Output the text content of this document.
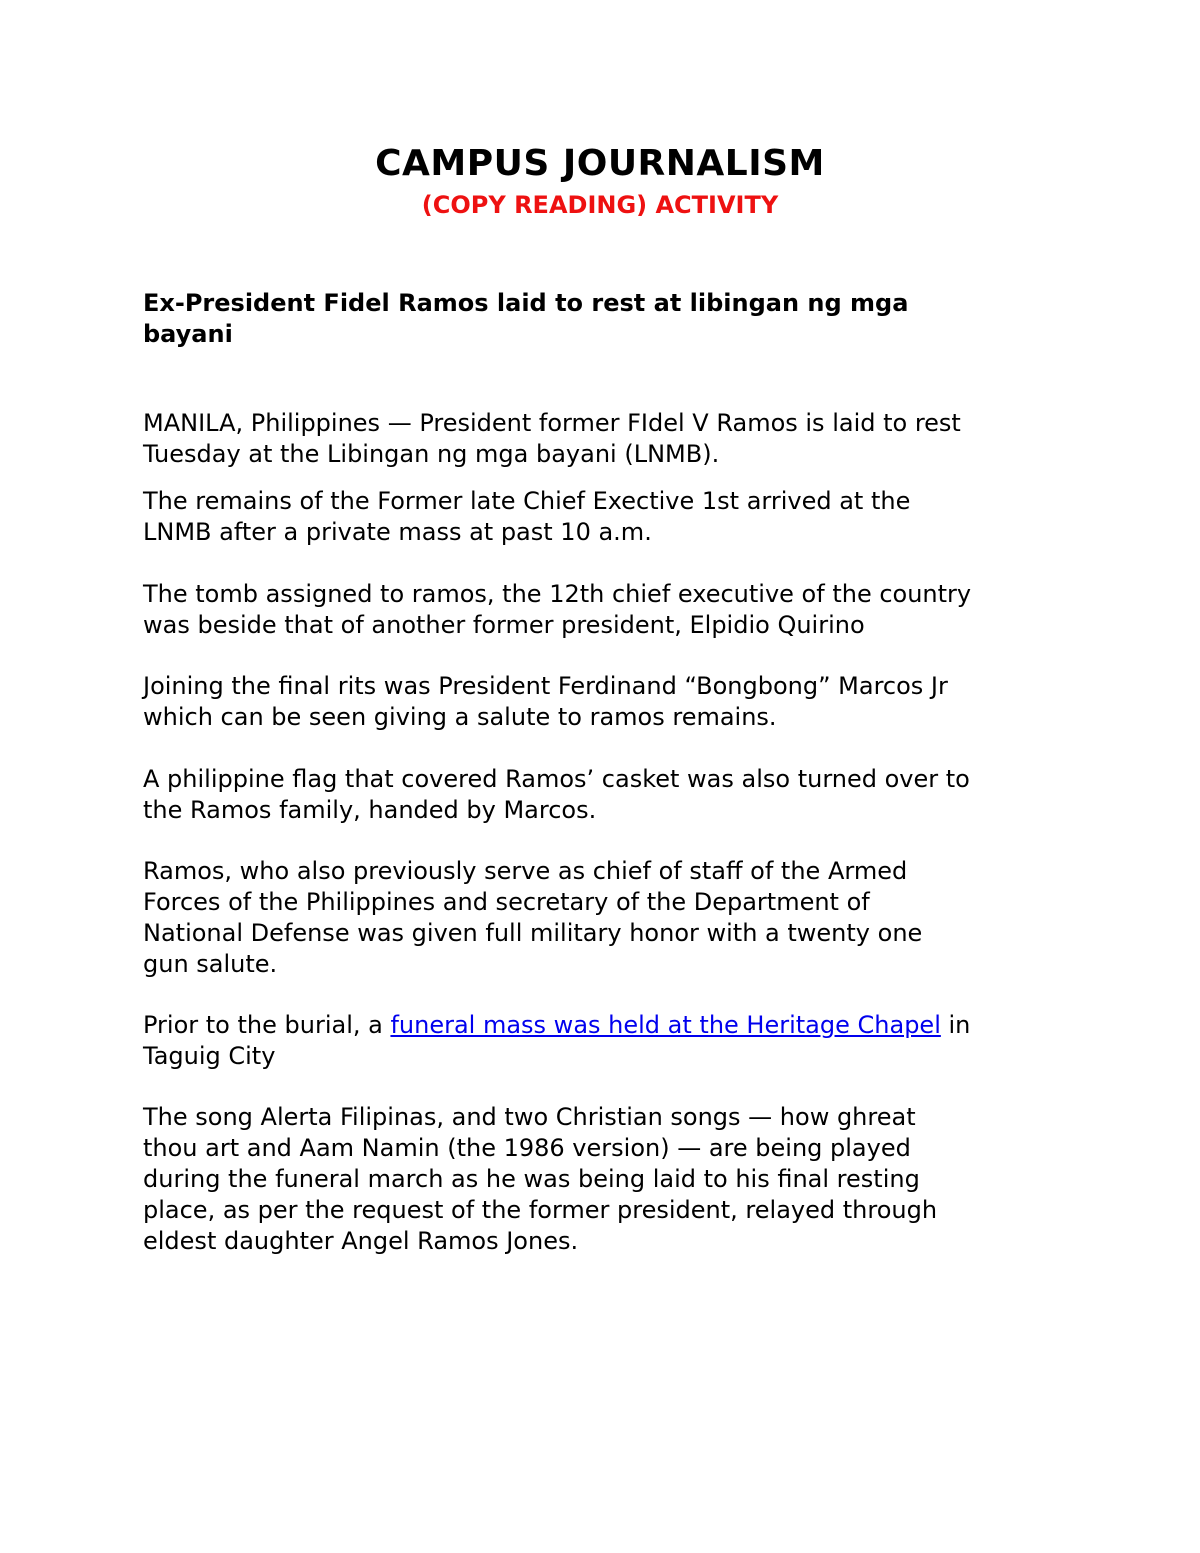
CAMPUS JOURNALISM
(COPY READING) ACTIVITY
Ex-President Fidel Ramos laid to rest at libingan ng mga
bayani
MANILA, Philippines — President former FIdel V Ramos is laid to rest
Tuesday at the Libingan ng mga bayani (LNMB).
The remains of the Former late Chief Exective 1st arrived at the
LNMB after a private mass at past 10 a.m.
The tomb assigned to ramos, the 12th chief executive of the country
was beside that of another former president, Elpidio Quirino
Joining the final rits was President Ferdinand “Bongbong” Marcos Jr
which can be seen giving a salute to ramos remains.
A philippine flag that covered Ramos’ casket was also turned over to
the Ramos family, handed by Marcos.
Ramos, who also previously serve as chief of staff of the Armed
Forces of the Philippines and secretary of the Department of
National Defense was given full military honor with a twenty one
gun salute.
Prior to the burial, a funeral mass was held at the Heritage Chapel in
Taguig City
The song Alerta Filipinas, and two Christian songs — how ghreat
thou art and Aam Namin (the 1986 version) — are being played
during the funeral march as he was being laid to his final resting
place, as per the request of the former president, relayed through
eldest daughter Angel Ramos Jones.
